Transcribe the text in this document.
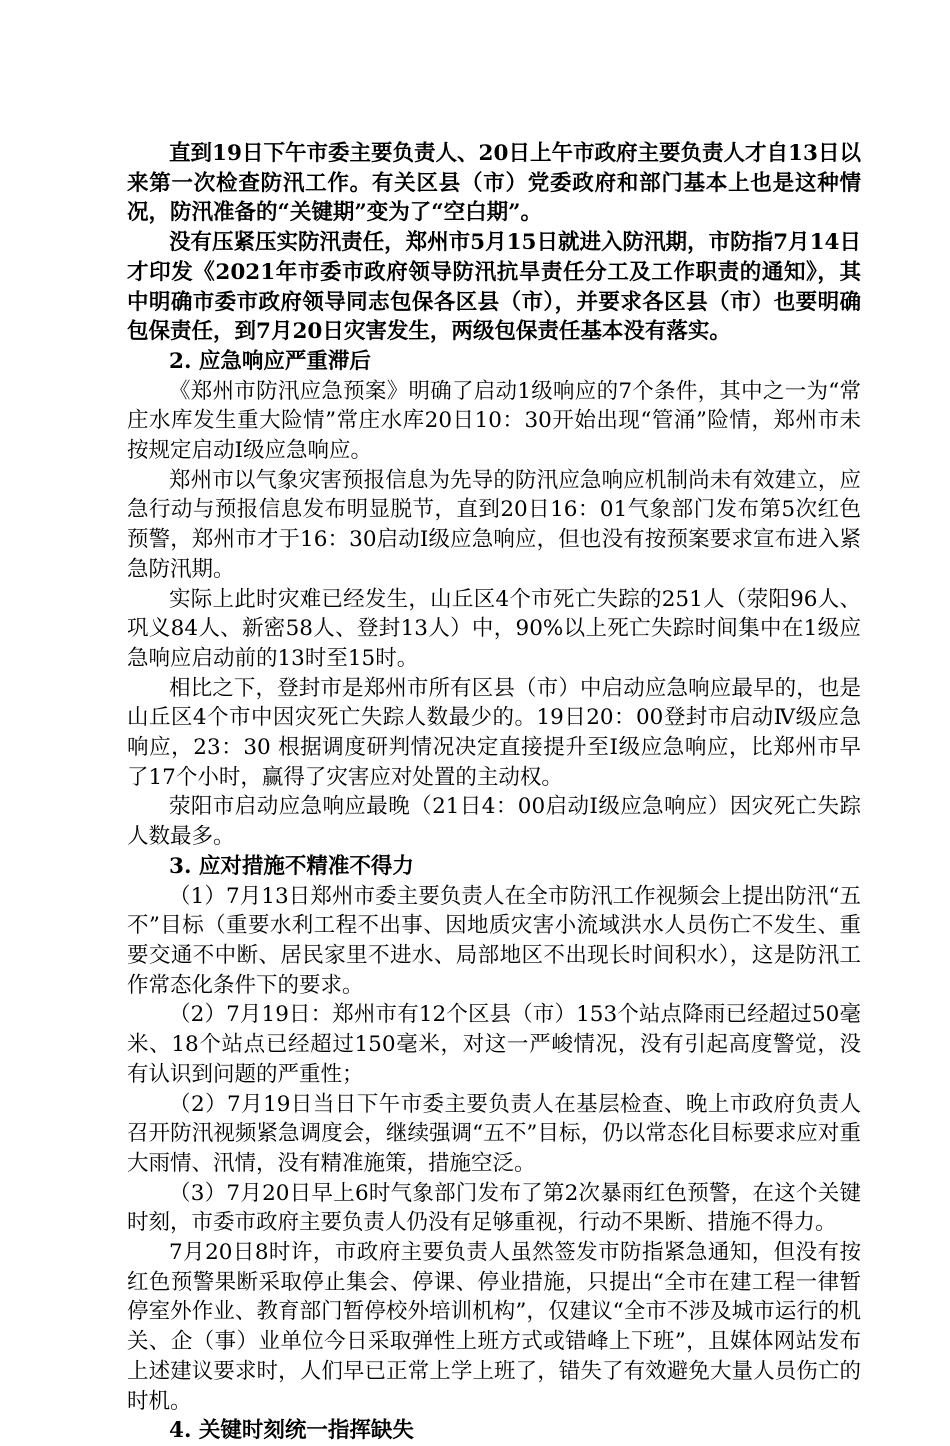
直到19日下午市委主要负责人、20日上午市政府主要负责人才自13日以来第一次检查防汛工作。有关区县（市）党委政府和部门基本上也是这种情况，防汛准备的“关键期”变为了“空白期”。

没有压紧压实防汛责任，郑州市5月15日就进入防汛期，市防指7月14日才印发《2021年市委市政府领导防汛抗旱责任分工及工作职责的通知》，其中明确市委市政府领导同志包保各区县（市），并要求各区县（市）也要明确包保责任，到7月20日灾害发生，两级包保责任基本没有落实。

2. 应急响应严重滞后

《郑州市防汛应急预案》明确了启动1级响应的7个条件，其中之一为“常庄水库发生重大险情”常庄水库20日10：30开始出现“管涌”险情，郑州市未按规定启动Ⅰ级应急响应。

郑州市以气象灾害预报信息为先导的防汛应急响应机制尚未有效建立，应急行动与预报信息发布明显脱节，直到20日16：01气象部门发布第5次红色预警，郑州市才于16：30启动Ⅰ级应急响应，但也没有按预案要求宣布进入紧急防汛期。

实际上此时灾难已经发生，山丘区4个市死亡失踪的251人（荥阳96人、巩义84人、新密58人、登封13人）中，90%以上死亡失踪时间集中在1级应急响应启动前的13时至15时。

相比之下，登封市是郑州市所有区县（市）中启动应急响应最早的，也是山丘区4个市中因灾死亡失踪人数最少的。19日20：00登封市启动Ⅳ级应急响应，23：30 根据调度研判情况决定直接提升至Ⅰ级应急响应，比郑州市早了17个小时，赢得了灾害应对处置的主动权。

荥阳市启动应急响应最晚（21日4：00启动Ⅰ级应急响应）因灾死亡失踪人数最多。

3. 应对措施不精准不得力

（1）7月13日郑州市委主要负责人在全市防汛工作视频会上提出防汛“五不”目标（重要水利工程不出事、因地质灾害小流域洪水人员伤亡不发生、重要交通不中断、居民家里不进水、局部地区不出现长时间积水），这是防汛工作常态化条件下的要求。

（2）7月19日：郑州市有12个区县（市）153个站点降雨已经超过50毫米、18个站点已经超过150毫米，对这一严峻情况，没有引起高度警觉，没有认识到问题的严重性；

（2）7月19日当日下午市委主要负责人在基层检查、晚上市政府负责人召开防汛视频紧急调度会，继续强调“五不”目标，仍以常态化目标要求应对重大雨情、汛情，没有精准施策，措施空泛。

（3）7月20日早上6时气象部门发布了第2次暴雨红色预警，在这个关键时刻，市委市政府主要负责人仍没有足够重视，行动不果断、措施不得力。

7月20日8时许，市政府主要负责人虽然签发市防指紧急通知，但没有按红色预警果断采取停止集会、停课、停业措施，只提出“全市在建工程一律暂停室外作业、教育部门暂停校外培训机构”，仅建议“全市不涉及城市运行的机关、企（事）业单位今日采取弹性上班方式或错峰上下班”，且媒体网站发布上述建议要求时，人们早已正常上学上班了，错失了有效避免大量人员伤亡的时机。

4. 关键时刻统一指挥缺失
